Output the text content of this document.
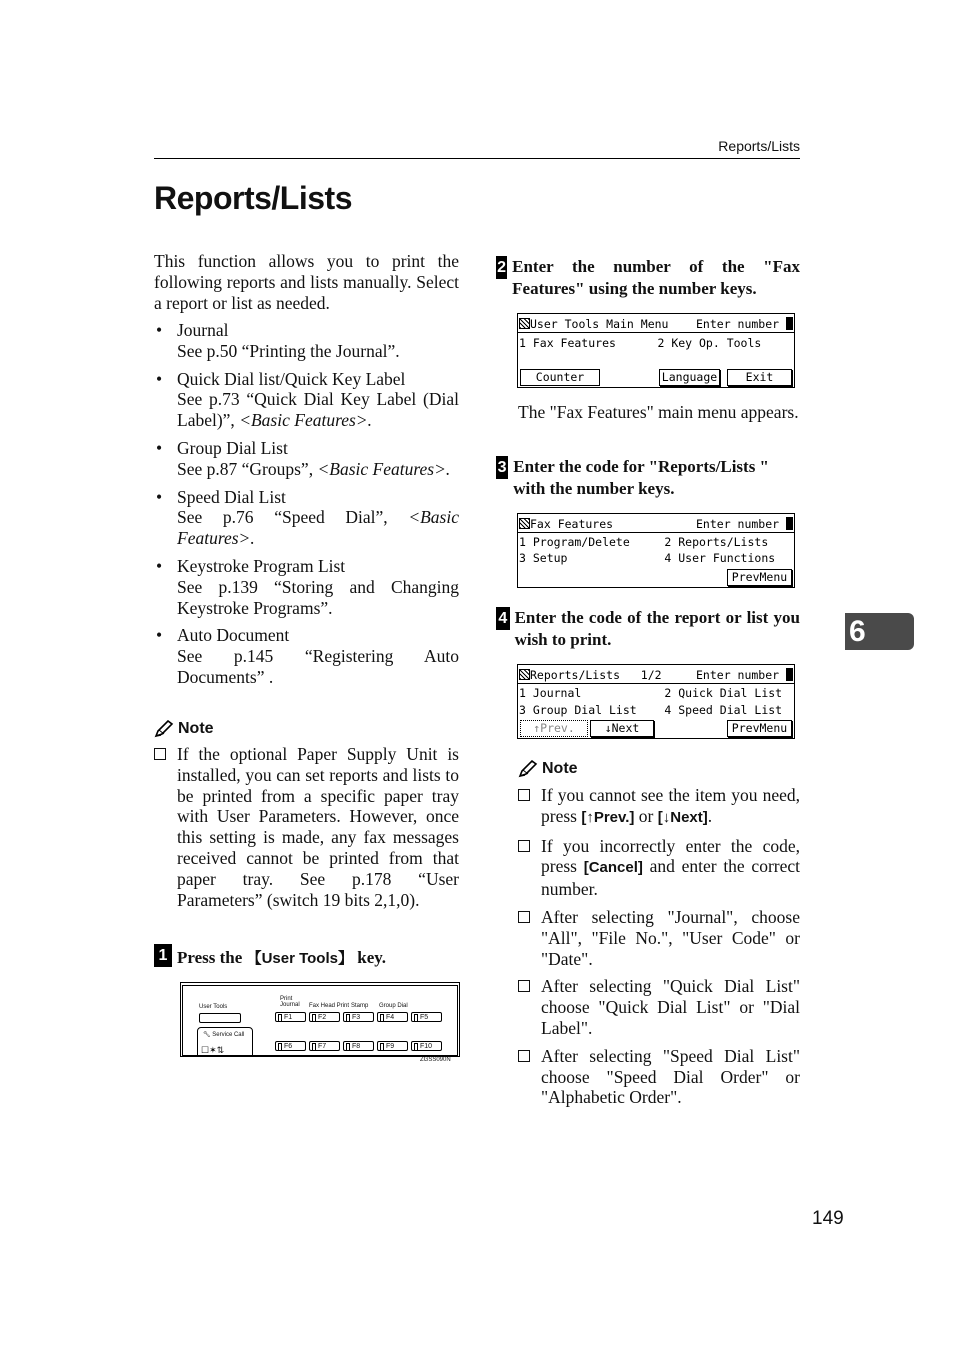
Reports/Lists
Reports/Lists

This function allows you to print the following reports and lists manually. Select a report or list as needed.

• Journal
See p.50 “Printing the Journal”.
• Quick Dial list/Quick Key Label
See p.73 “Quick Dial Key Label (Dial Label)”, <Basic Features>.
• Group Dial List
See p.87 “Groups”, <Basic Features>.
• Speed Dial List
See p.76 “Speed Dial”, <Basic Features>.
• Keystroke Program List
See p.139 “Storing and Changing Keystroke Programs”.
• Auto Document
See p.145 “Registering Auto Documents” .
Note
If the optional Paper Supply Unit is installed, you can set reports and lists to be printed from a specific paper tray with User Parameters. However, once this setting is made, any fax messages received cannot be printed from that paper tray. See p.178 “User Parameters” (switch 19 bits 2,1,0).
1 Press the 【User Tools】 key.
User Tools
Print
Journal Fax Head Print Stamp Group Dial
F1	F2	F3	F4	F5
🔧︎ Service Call
☐✶⇅	F6	F7	F8	F9	F10
ZGSS090N
2 Enter the number of the "Fax Features" using the number keys.
User Tools Main Menu Enter number
1 Fax Features      2 Key Op. Tools
Counter	Language	Exit

The "Fax Features" main menu appears.

3 Enter the code for "Reports/Lists " with the number keys.
Fax Features	Enter number
1 Program/Delete     2 Reports/Lists
3 Setup              4 User Functions
PrevMenu
4 Enter the code of the report or list you wish to print.
Reports/Lists   1/2	Enter number
1 Journal            2 Quick Dial List
3 Group Dial List    4 Speed Dial List
↑Prev.	↓Next	PrevMenu
Note
If you cannot see the item you need, press [↑Prev.] or [↓Next].
If you incorrectly enter the code, press [Cancel] and enter the correct number.
After selecting "Journal", choose "All", "File No.", "User Code" or "Date".
After selecting "Quick Dial List" choose "Quick Dial List" or "Dial Label".
After selecting "Speed Dial List" choose "Speed Dial Order" or "Alphabetic Order".
6
149
